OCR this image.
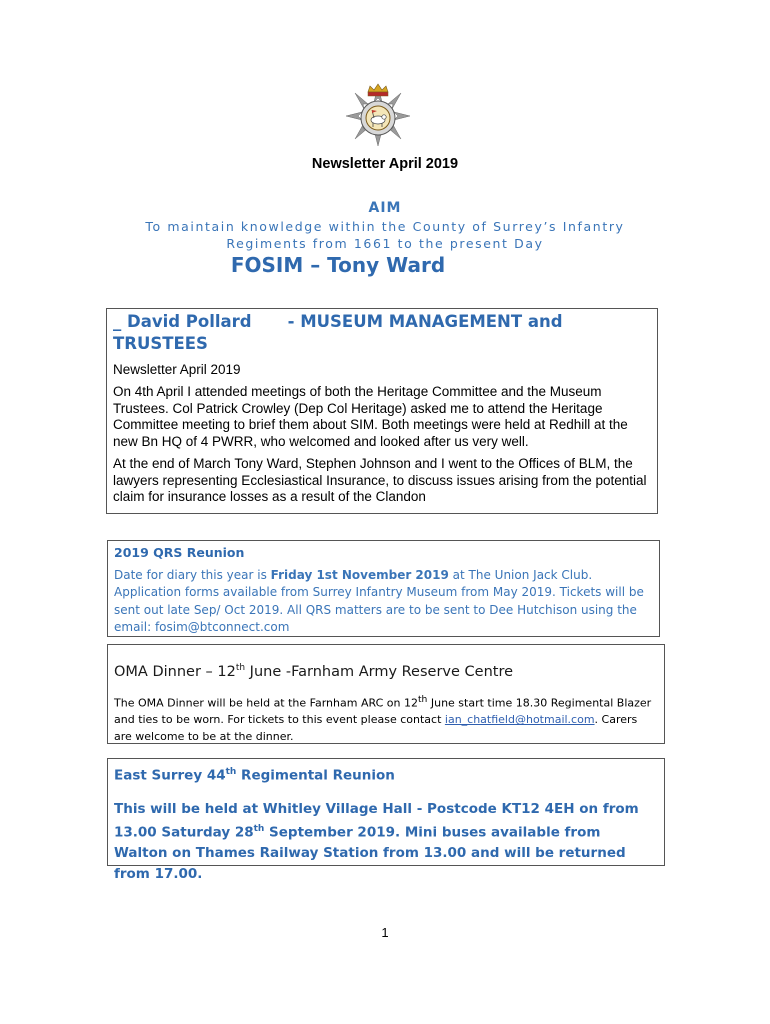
Newsletter April 2019
AIM
To maintain knowledge within the County of Surrey’s Infantry
Regiments from 1661 to the present Day
FOSIM – Tony Ward
_ David Pollard - MUSEUM MANAGEMENT and
TRUSTEES
Newsletter April 2019

On 4th April I attended meetings of both the Heritage Committee and the Museum Trustees. Col Patrick Crowley (Dep Col Heritage) asked me to attend the Heritage Committee meeting to brief them about SIM. Both meetings were held at Redhill at the new Bn HQ of 4 PWRR, who welcomed and looked after us very well.

At the end of March Tony Ward, Stephen Johnson and I went to the Offices of BLM, the lawyers representing Ecclesiastical Insurance, to discuss issues arising from the potential claim for insurance losses as a result of the Clandon

2019 QRS Reunion
Date for diary this year is Friday 1st November 2019 at The Union Jack Club. Application forms available from Surrey Infantry Museum from May 2019. Tickets will be sent out late Sep/ Oct 2019. All QRS matters are to be sent to Dee Hutchison using the email: fosim@btconnect.com
OMA Dinner – 12th June -Farnham Army Reserve Centre
The OMA Dinner will be held at the Farnham ARC on 12th June start time 18.30 Regimental Blazer and ties to be worn. For tickets to this event please contact ian_chatfield@hotmail.com. Carers are welcome to be at the dinner.
East Surrey 44th Regimental Reunion
This will be held at Whitley Village Hall - Postcode KT12 4EH on from 13.00 Saturday 28th September 2019. Mini buses available from Walton on Thames Railway Station from 13.00 and will be returned from 17.00.
1
